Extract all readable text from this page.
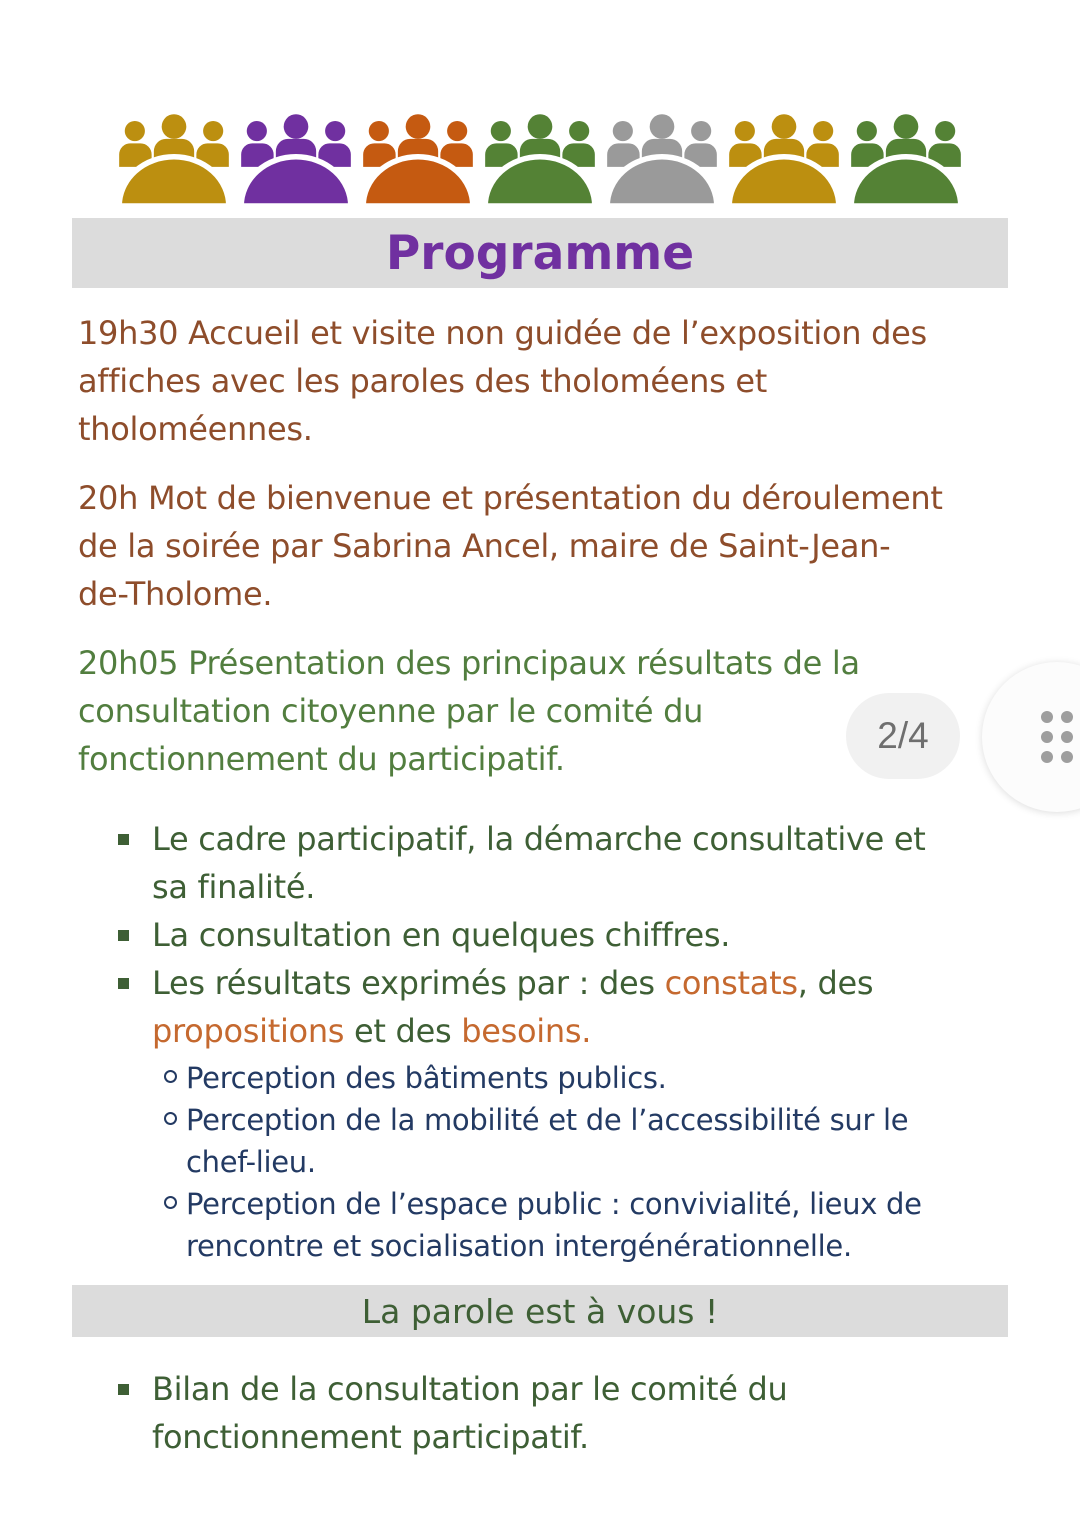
Programme
19h30 Accueil et visite non guidée de l’exposition des
affiches avec les paroles des tholoméens et
tholoméennes.
20h Mot de bienvenue et présentation du déroulement
de la soirée par Sabrina Ancel, maire de Saint-Jean-
de-Tholome.
20h05 Présentation des principaux résultats de la
consultation citoyenne par le comité du
fonctionnement du participatif.
Le cadre participatif, la démarche consultative et
sa finalité.
La consultation en quelques chiffres.
Les résultats exprimés par : des constats, des
propositions et des besoins.
Perception des bâtiments publics.
Perception de la mobilité et de l’accessibilité sur le
chef-lieu.
Perception de l’espace public : convivialité, lieux de
rencontre et socialisation intergénérationnelle.
La parole est à vous !
Bilan de la consultation par le comité du
fonctionnement participatif.
2/4
